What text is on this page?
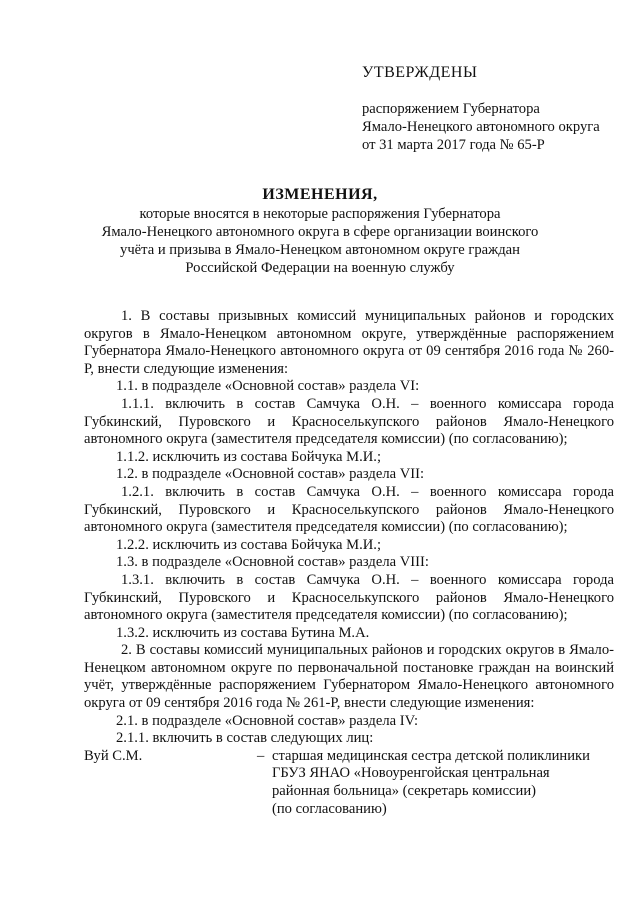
УТВЕРЖДЕНЫ
распоряжением Губернатора
Ямало-Ненецкого автономного округа
от 31 марта 2017 года № 65-Р
ИЗМЕНЕНИЯ,
которые вносятся в некоторые распоряжения Губернатора
Ямало-Ненецкого автономного округа в сфере организации воинского
учёта и призыва в Ямало-Ненецком автономном округе граждан
Российской Федерации на военную службу

1. В составы призывных комиссий муниципальных районов и городских округов в Ямало-Ненецком автономном округе, утверждённые распоряжением Губернатора Ямало-Ненецкого автономного округа от 09 сентября 2016 года № 260-Р, внести следующие изменения:

1.1. в подразделе «Основной состав» раздела VI:

1.1.1. включить в состав Самчука О.Н. – военного комиссара города Губкинский, Пуровского и Красноселькупского районов Ямало-Ненецкого автономного округа (заместителя председателя комиссии) (по согласованию);

1.1.2. исключить из состава Бойчука М.И.;

1.2. в подразделе «Основной состав» раздела VII:

1.2.1. включить в состав Самчука О.Н. – военного комиссара города Губкинский, Пуровского и Красноселькупского районов Ямало-Ненецкого автономного округа (заместителя председателя комиссии) (по согласованию);

1.2.2. исключить из состава Бойчука М.И.;

1.3. в подразделе «Основной состав» раздела VIII:

1.3.1. включить в состав Самчука О.Н. – военного комиссара города Губкинский, Пуровского и Красноселькупского районов Ямало-Ненецкого автономного округа (заместителя председателя комиссии) (по согласованию);

1.3.2. исключить из состава Бутина М.А.

2. В составы комиссий муниципальных районов и городских округов в Ямало-Ненецком автономном округе по первоначальной постановке граждан на воинский учёт, утверждённые распоряжением Губернатором Ямало-Ненецкого автономного округа от 09 сентября 2016 года № 261-Р, внести следующие изменения:

2.1. в подразделе «Основной состав» раздела IV:

2.1.1. включить в состав следующих лиц:

Вуй С.М.	– старшая медицинская сестра детской поликлиники
ГБУЗ ЯНАО «Новоуренгойская центральная
районная больница» (секретарь комиссии)
(по согласованию)
